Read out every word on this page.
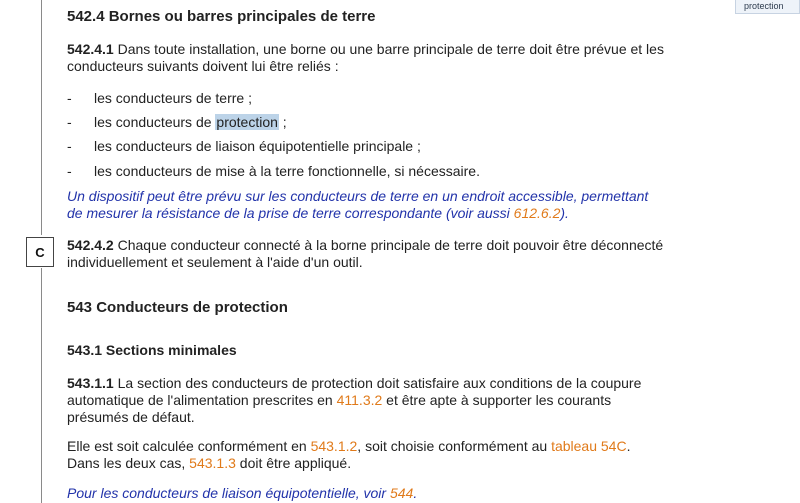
C
protection
542.4 Bornes ou barres principales de terre
542.4.1 Dans toute installation, une borne ou une barre principale de terre doit être prévue et les
conducteurs suivants doivent lui être reliés :
- les conducteurs de terre ;
- les conducteurs de protection ;
- les conducteurs de liaison équipotentielle principale ;
- les conducteurs de mise à la terre fonctionnelle, si nécessaire.
Un dispositif peut être prévu sur les conducteurs de terre en un endroit accessible, permettant
de mesurer la résistance de la prise de terre correspondante (voir aussi 612.6.2).
542.4.2 Chaque conducteur connecté à la borne principale de terre doit pouvoir être déconnecté
individuellement et seulement à l'aide d'un outil.
543 Conducteurs de protection
543.1 Sections minimales
543.1.1 La section des conducteurs de protection doit satisfaire aux conditions de la coupure
automatique de l'alimentation prescrites en 411.3.2 et être apte à supporter les courants
présumés de défaut.
Elle est soit calculée conformément en 543.1.2, soit choisie conformément au tableau 54C.
Dans les deux cas, 543.1.3 doit être appliqué.
Pour les conducteurs de liaison équipotentielle, voir 544.
